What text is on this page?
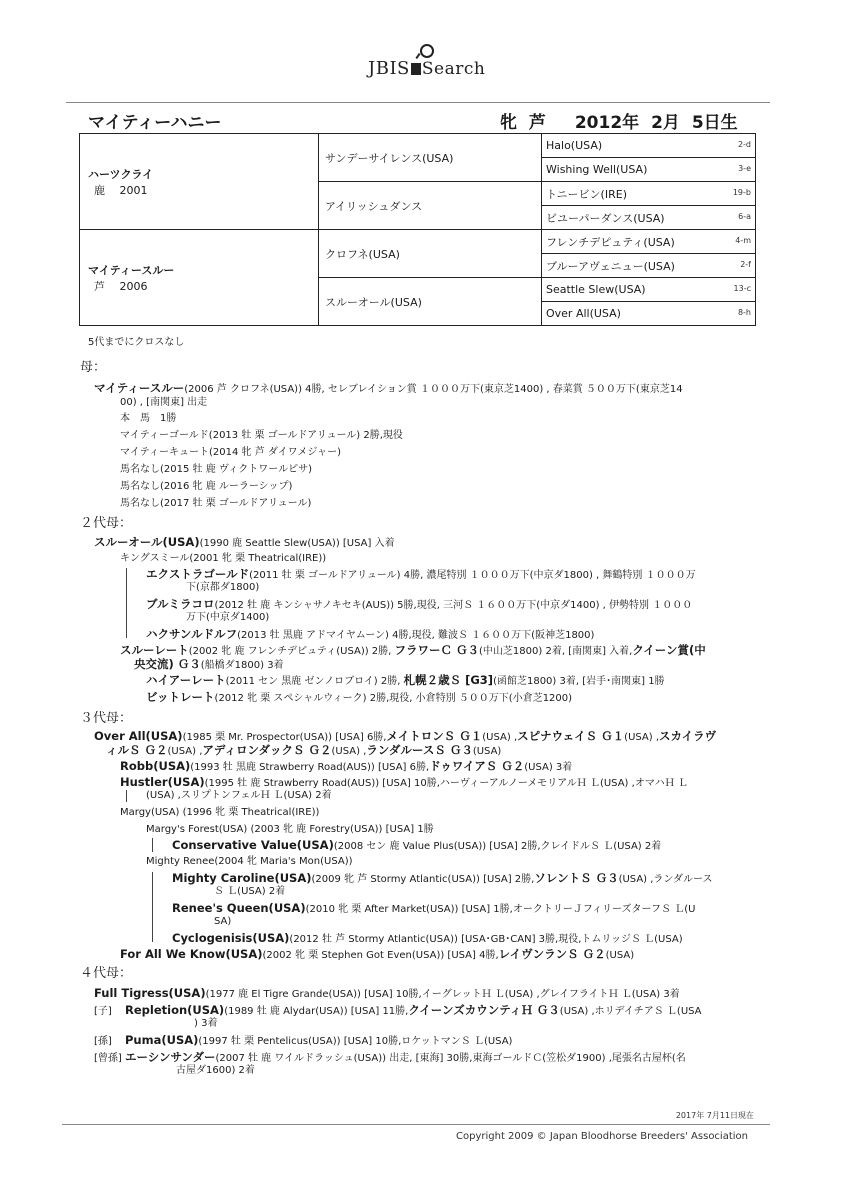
JBIS Search
マイティーハニー	牝 芦　 2012年 2月 5日生
ハーツクライ
鹿　 2001	サンデーサイレンス(USA)	Halo(USA) 2-d

		Wishing Well(USA) 3-e

	アイリッシュダンス	トニービン(IRE) 19-b

		ビユーパーダンス(USA) 6-a

マイティースルー
芦　 2006	クロフネ(USA)	フレンチデピュティ(USA) 4-m

		ブルーアヴェニュー(USA) 2-f

	スルーオール(USA)	Seattle Slew(USA) 13-c

		Over All(USA) 8-h
5代までにクロスなし
母：
マイティースルー(2006 芦 クロフネ(USA)) 4勝, セレブレイション賞 １０００万下(東京芝1400) , 春菜賞 ５００万下(東京芝14
00) , [南関東] 出走
本　馬　1勝
マイティーゴールド(2013 牡 栗 ゴールドアリュール) 2勝,現役
マイティーキュート(2014 牝 芦 ダイワメジャー)
馬名なし(2015 牡 鹿 ヴィクトワールピサ)
馬名なし(2016 牝 鹿 ルーラーシップ)
馬名なし(2017 牡 栗 ゴールドアリュール)
２代母：
スルーオール(USA)(1990 鹿 Seattle Slew(USA)) [USA] 入着
キングスミール(2001 牝 栗 Theatrical(IRE))
エクストラゴールド(2011 牡 栗 ゴールドアリュール) 4勝, 濃尾特別 １０００万下(中京ダ1800) , 舞鶴特別 １０００万
下(京都ダ1800)
ブルミラコロ(2012 牡 鹿 キンシャサノキセキ(AUS)) 5勝,現役, 三河Ｓ １６００万下(中京ダ1400) , 伊勢特別 １０００
万下(中京ダ1400)
ハクサンルドルフ(2013 牡 黒鹿 アドマイヤムーン) 4勝,現役, 難波Ｓ １６００万下(阪神芝1800)
スルーレート(2002 牝 鹿 フレンチデピュティ(USA)) 2勝, フラワーＣ Ｇ３(中山芝1800) 2着, [南関東] 入着,クイーン賞(中
央交流) Ｇ３(船橋ダ1800) 3着
ハイアーレート(2011 セン 黒鹿 ゼンノロブロイ) 2勝, 札幌２歳Ｓ [G3](函館芝1800) 3着, [岩手･南関東] 1勝
ビットレート(2012 牝 栗 スペシャルウィーク) 2勝,現役, 小倉特別 ５００万下(小倉芝1200)
３代母：
Over All(USA)(1985 栗 Mr. Prospector(USA)) [USA] 6勝,メイトロンＳ Ｇ１(USA) ,スピナウェイＳ Ｇ１(USA) ,スカイラヴ
ィルＳ Ｇ２(USA) ,アディロンダックＳ Ｇ２(USA) ,ランダルースＳ Ｇ３(USA)
Robb(USA)(1993 牡 黒鹿 Strawberry Road(AUS)) [USA] 6勝,ドゥワイアＳ Ｇ２(USA) 3着
Hustler(USA)(1995 牡 鹿 Strawberry Road(AUS)) [USA] 10勝,ハーヴィーアルノーメモリアルＨ Ｌ(USA) ,オマハＨ Ｌ
(USA) ,スリプトンフェルＨ Ｌ(USA) 2着
Margy(USA) (1996 牝 栗 Theatrical(IRE))
Margy's Forest(USA) (2003 牝 鹿 Forestry(USA)) [USA] 1勝
Conservative Value(USA)(2008 セン 鹿 Value Plus(USA)) [USA] 2勝,クレイドルＳ Ｌ(USA) 2着
Mighty Renee(2004 牝 Maria's Mon(USA))
Mighty Caroline(USA)(2009 牝 芦 Stormy Atlantic(USA)) [USA] 2勝,ソレントＳ Ｇ３(USA) ,ランダルース
Ｓ Ｌ(USA) 2着
Renee's Queen(USA)(2010 牝 栗 After Market(USA)) [USA] 1勝,オークトリーＪフィリーズターフＳ Ｌ(U
SA)
Cyclogenisis(USA)(2012 牡 芦 Stormy Atlantic(USA)) [USA･GB･CAN] 3勝,現役,トムリッジＳ Ｌ(USA)
For All We Know(USA)(2002 牝 栗 Stephen Got Even(USA)) [USA] 4勝,レイヴンランＳ Ｇ２(USA)
４代母：
Full Tigress(USA)(1977 鹿 El Tigre Grande(USA)) [USA] 10勝,イーグレットＨ Ｌ(USA) ,グレイフライトＨ Ｌ(USA) 3着
[子]　 Repletion(USA)(1989 牡 鹿 Alydar(USA)) [USA] 11勝,クイーンズカウンティＨ Ｇ３(USA) ,ホリデイチアＳ Ｌ(USA
) 3着
[孫]　 Puma(USA)(1997 牡 栗 Pentelicus(USA)) [USA] 10勝,ロケットマンＳ Ｌ(USA)
[曾孫] エーシンサンダー(2007 牡 鹿 ワイルドラッシュ(USA)) 出走, [東海] 30勝,東海ゴールドＣ(笠松ダ1900) ,尾張名古屋杯(名
古屋ダ1600) 2着
2017年 7月11日現在
Copyright 2009 © Japan Bloodhorse Breeders' Association
